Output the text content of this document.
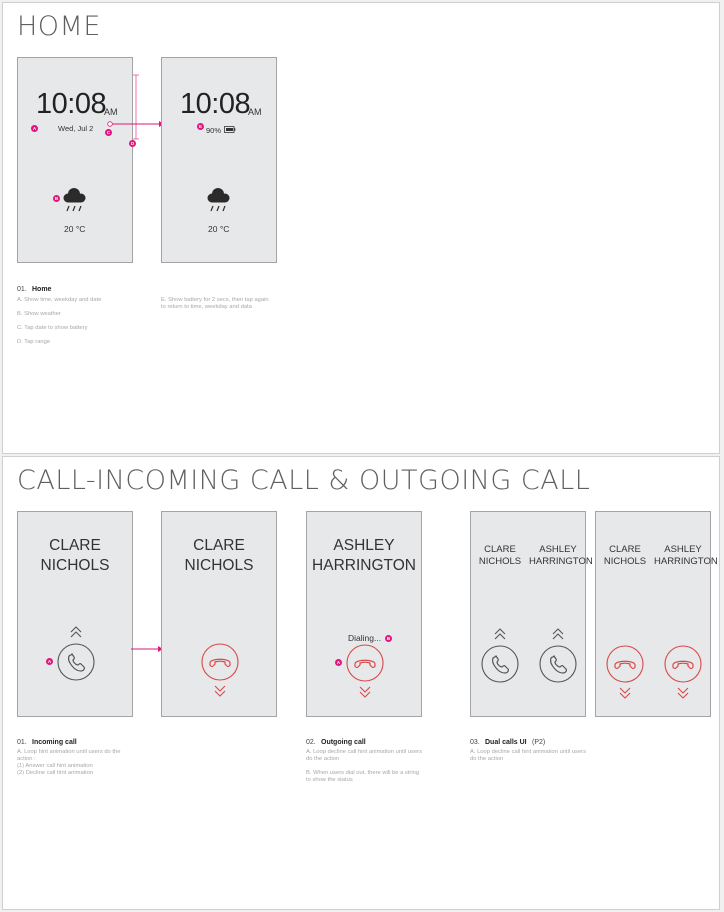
HOME
10:08
AM
Wed, Jul 2
A
B
20 °C
D
C
10:08
AM
E 90%
20 °C
01. Home
A. Show time, weekday and date
B. Show weather
C. Tap date to show battery
D. Tap range
E. Show battery for 2 secs, then tap again to return to time, weekday and data
CALL-INCOMING CALL & OUTGOING CALL
CLARE
NICHOLS
A
CLARE
NICHOLS
ASHLEY
HARRINGTON
Dialing...	B
A
CLARE
NICHOLS
ASHLEY
HARRINGTON
CLARE
NICHOLS
ASHLEY
HARRINGTON
01. Incoming call
A. Loop hint animation until users do the action :
(1) Answer call hint animation
(2) Decline call hint animation
02. Outgoing call
A. Loop decline call hint animation until users do the action

B. When users dial out, there will be a string to show the status
03. Dual calls UI (P2)
A. Loop decline call hint animation until users do the action
